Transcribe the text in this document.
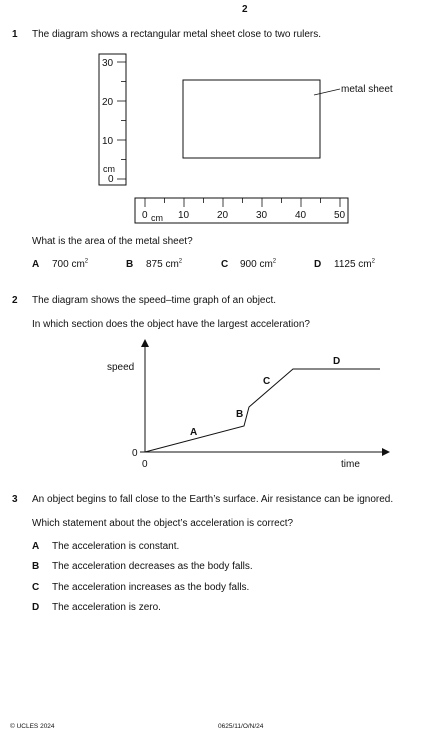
2
1 The diagram shows a rectangular metal sheet close to two rulers.
30
20
10
cm
0
metal sheet
0 cm 10	20	30	40	50
What is the area of the metal sheet?
A 700 $cm^2$	B 875 $cm^2$	C 900 $cm^2$	D 1125 $cm^2$
2 The diagram shows the speed–time graph of an object.
In which section does the object have the largest acceleration?
speed
time
0
0
A
B
C
D
3 An object begins to fall close to the Earth’s surface. Air resistance can be ignored.
Which statement about the object’s acceleration is correct?
A The acceleration is constant.
B The acceleration decreases as the body falls.
C The acceleration increases as the body falls.
D The acceleration is zero.
© UCLES 2024	0625/11/O/N/24
